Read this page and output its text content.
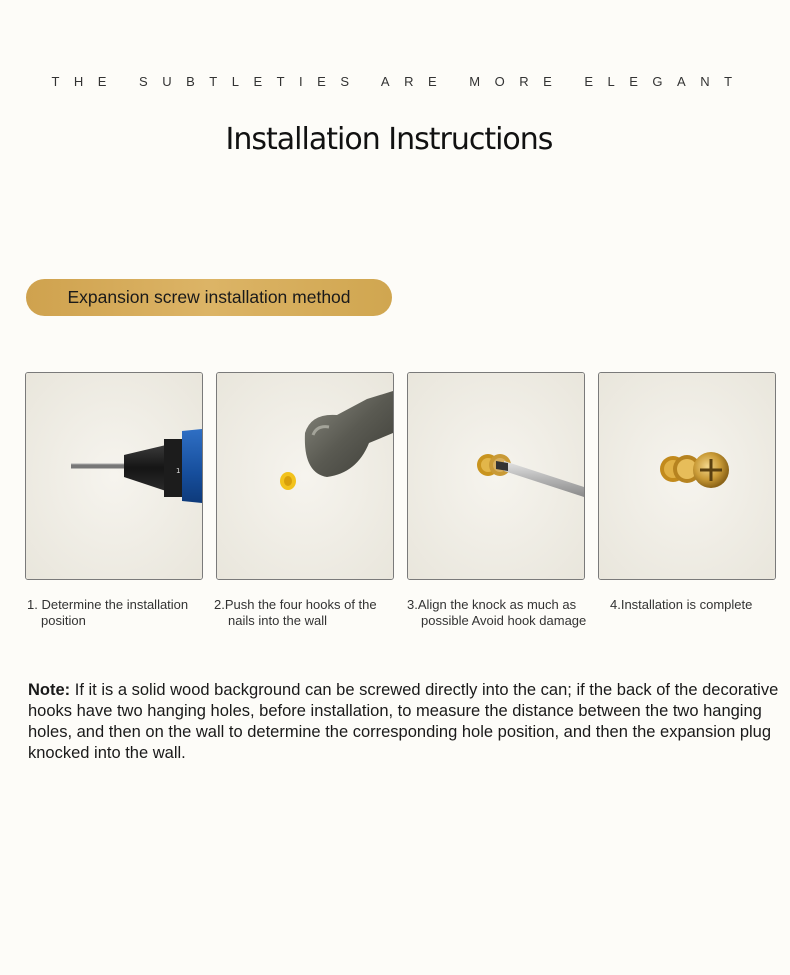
THE SUBTLETIES ARE MORE ELEGANT
Installation Instructions
Expansion screw installation method
1
1. Determine the installation
position
2.Push the four hooks of the
nails into the wall
3.Align the knock as much as
possible Avoid hook damage
4.Installation is complete
Note: If it is a solid wood background can be screwed directly into the can; if the back of the decorative hooks have two hanging holes, before installation, to measure the distance between the two hanging holes, and then on the wall to determine the corresponding hole position, and then the expansion plug knocked into the wall.
